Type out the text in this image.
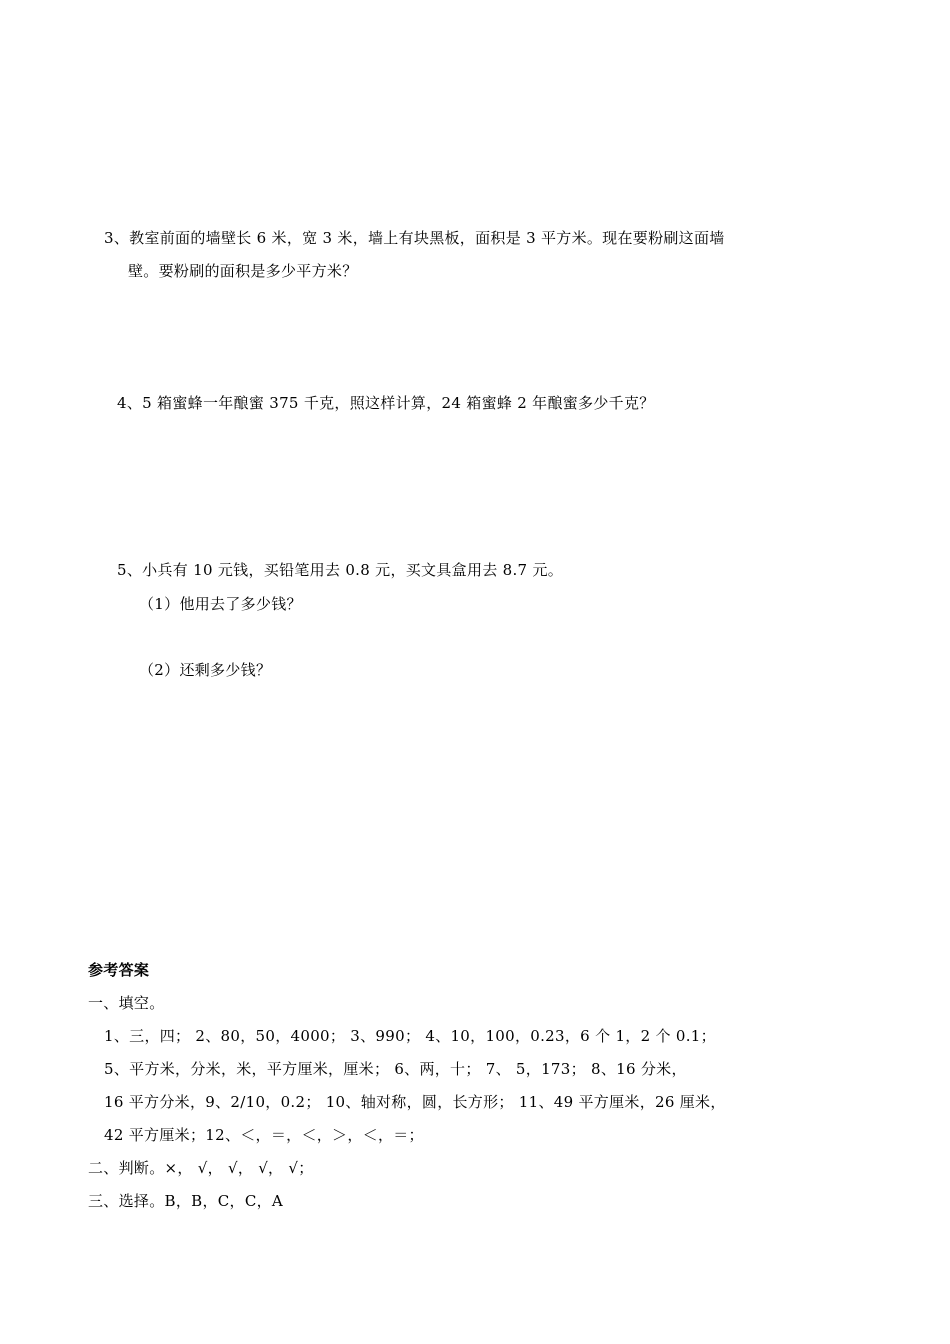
3、教室前面的墙壁长 6 米，宽 3 米，墙上有块黑板，面积是 3 平方米。现在要粉刷这面墙
壁。要粉刷的面积是多少平方米？
4、5 箱蜜蜂一年酿蜜 375 千克，照这样计算，24 箱蜜蜂 2 年酿蜜多少千克？
5、小兵有 10 元钱，买铅笔用去 0.8 元，买文具盒用去 8.7 元。
（1）他用去了多少钱？
（2）还剩多少钱？
参考答案
一、填空。
1、三，四； 2、80，50，4000； 3、990； 4、10，100，0.23，6 个 1，2 个 0.1；
5、平方米，分米，米，平方厘米，厘米； 6、两，十； 7、 5，173； 8、16 分米，
16 平方分米，9、2/10，0.2； 10、轴对称，圆，长方形； 11、49 平方厘米，26 厘米，
42 平方厘米；12、＜，＝，＜，＞，＜，＝；
二、判断。×， √， √， √， √；
三、选择。B，B，C，C，A
